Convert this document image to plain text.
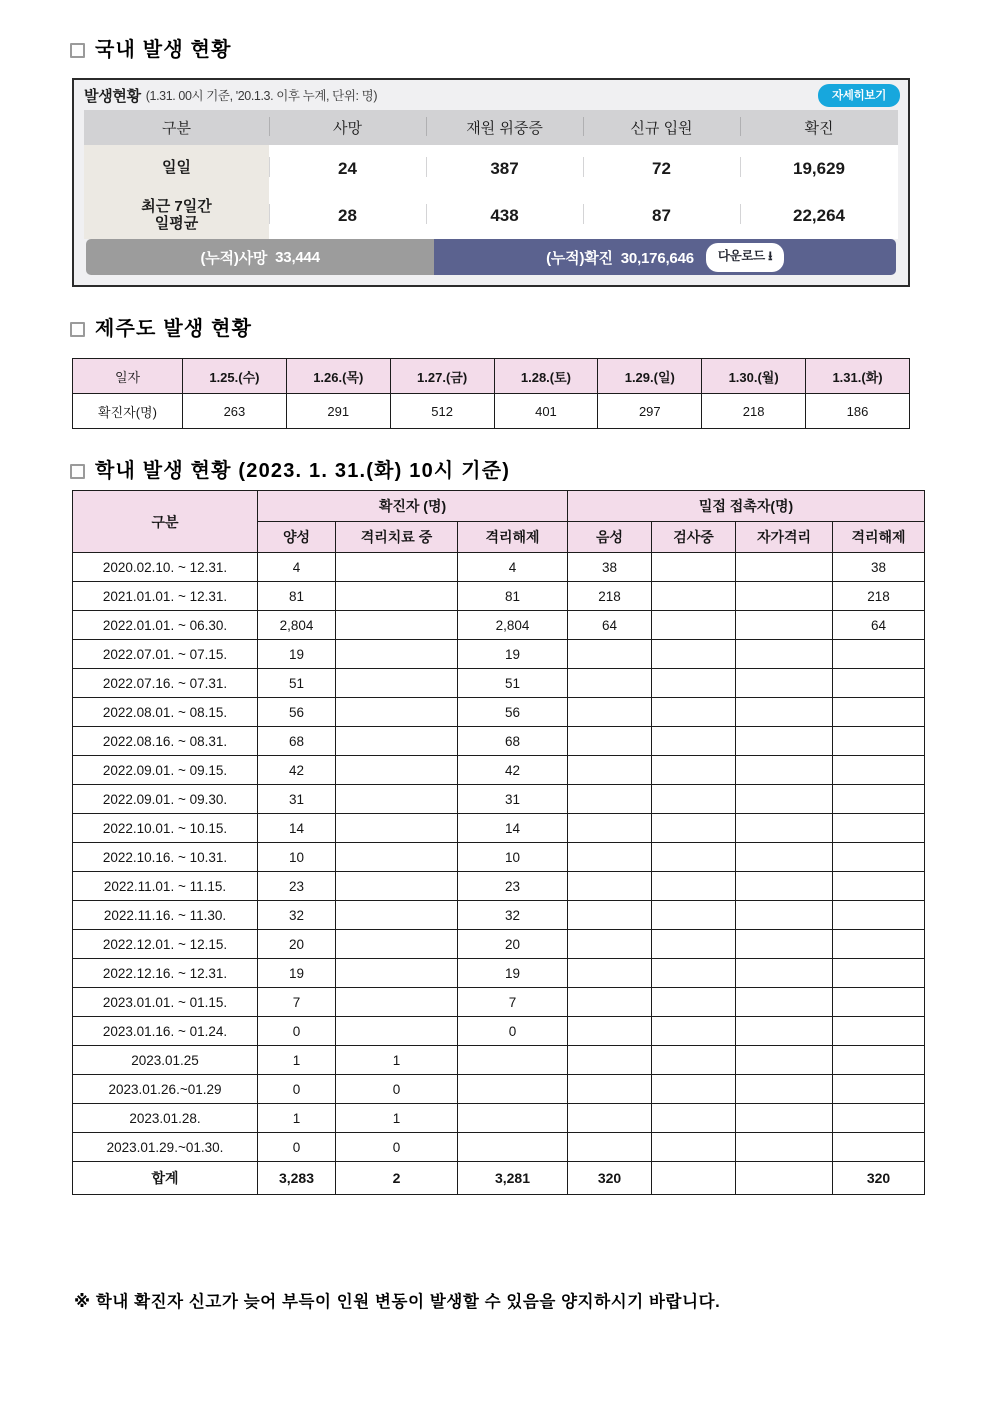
국내 발생 현황
발생현황 (1.31. 00시 기준, '20.1.3. 이후 누계, 단위: 명)	자세히보기
구분	사망	재원 위중증	신규 입원	확진
일일	24	387	72	19,629
최근 7일간
일평균	28	438	87	22,264
(누적)사망
33,444	(누적)확진 30,176,646	다운로드 ⭳
제주도 발생 현황
일자	1.25.(수)	1.26.(목)	1.27.(금)	1.28.(토)	1.29.(일)	1.30.(월)	1.31.(화)
확진자(명)	263	291	512	401	297	218	186
학내 발생 현황 (2023. 1. 31.(화) 10시 기준)
구분	확진자 (명)			밀접 접촉자(명)			
	양성	격리치료 중	격리해제	음성	검사중	자가격리	격리해제
2020.02.10. ~ 12.31.	4		4	38			38
2021.01.01. ~ 12.31.	81		81	218			218
2022.01.01. ~ 06.30.	2,804		2,804	64			64
2022.07.01. ~ 07.15.	19		19				
2022.07.16. ~ 07.31.	51		51				
2022.08.01. ~ 08.15.	56		56				
2022.08.16. ~ 08.31.	68		68				
2022.09.01. ~ 09.15.	42		42				
2022.09.01. ~ 09.30.	31		31				
2022.10.01. ~ 10.15.	14		14				
2022.10.16. ~ 10.31.	10		10				
2022.11.01. ~ 11.15.	23		23				
2022.11.16. ~ 11.30.	32		32				
2022.12.01. ~ 12.15.	20		20				
2022.12.16. ~ 12.31.	19		19				
2023.01.01. ~ 01.15.	7		7				
2023.01.16. ~ 01.24.	0		0				
2023.01.25	1	1					
2023.01.26.~01.29	0	0					
2023.01.28.	1	1					
2023.01.29.~01.30.	0	0					
합계	3,283	2	3,281	320			320
※ 학내 확진자 신고가 늦어 부득이 인원 변동이 발생할 수 있음을 양지하시기 바랍니다.
